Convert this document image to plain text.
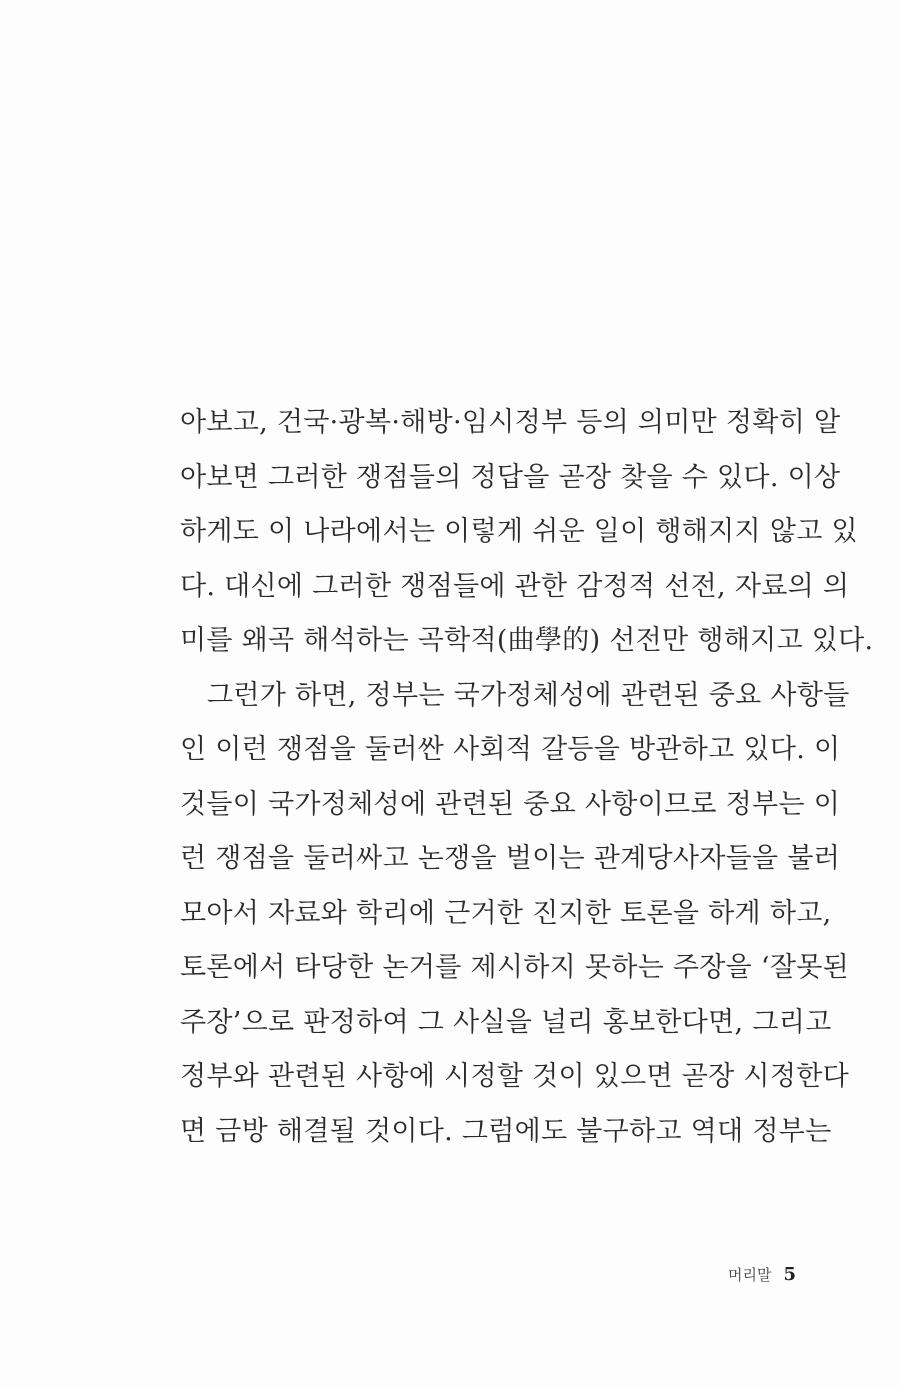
아보고, 건국·광복·해방·임시정부 등의 의미만 정확히 알
아보면 그러한 쟁점들의 정답을 곧장 찾을 수 있다. 이상
하게도 이 나라에서는 이렇게 쉬운 일이 행해지지 않고 있
다. 대신에 그러한 쟁점들에 관한 감정적 선전, 자료의 의
미를 왜곡 해석하는 곡학적(曲學的) 선전만 행해지고 있다.
그런가 하면, 정부는 국가정체성에 관련된 중요 사항들
인 이런 쟁점을 둘러싼 사회적 갈등을 방관하고 있다. 이
것들이 국가정체성에 관련된 중요 사항이므로 정부는 이
런 쟁점을 둘러싸고 논쟁을 벌이는 관계당사자들을 불러
모아서 자료와 학리에 근거한 진지한 토론을 하게 하고,
토론에서 타당한 논거를 제시하지 못하는 주장을 ‘잘못된
주장’으로 판정하여 그 사실을 널리 홍보한다면, 그리고
정부와 관련된 사항에 시정할 것이 있으면 곧장 시정한다
면 금방 해결될 것이다. 그럼에도 불구하고 역대 정부는
머리말 5
